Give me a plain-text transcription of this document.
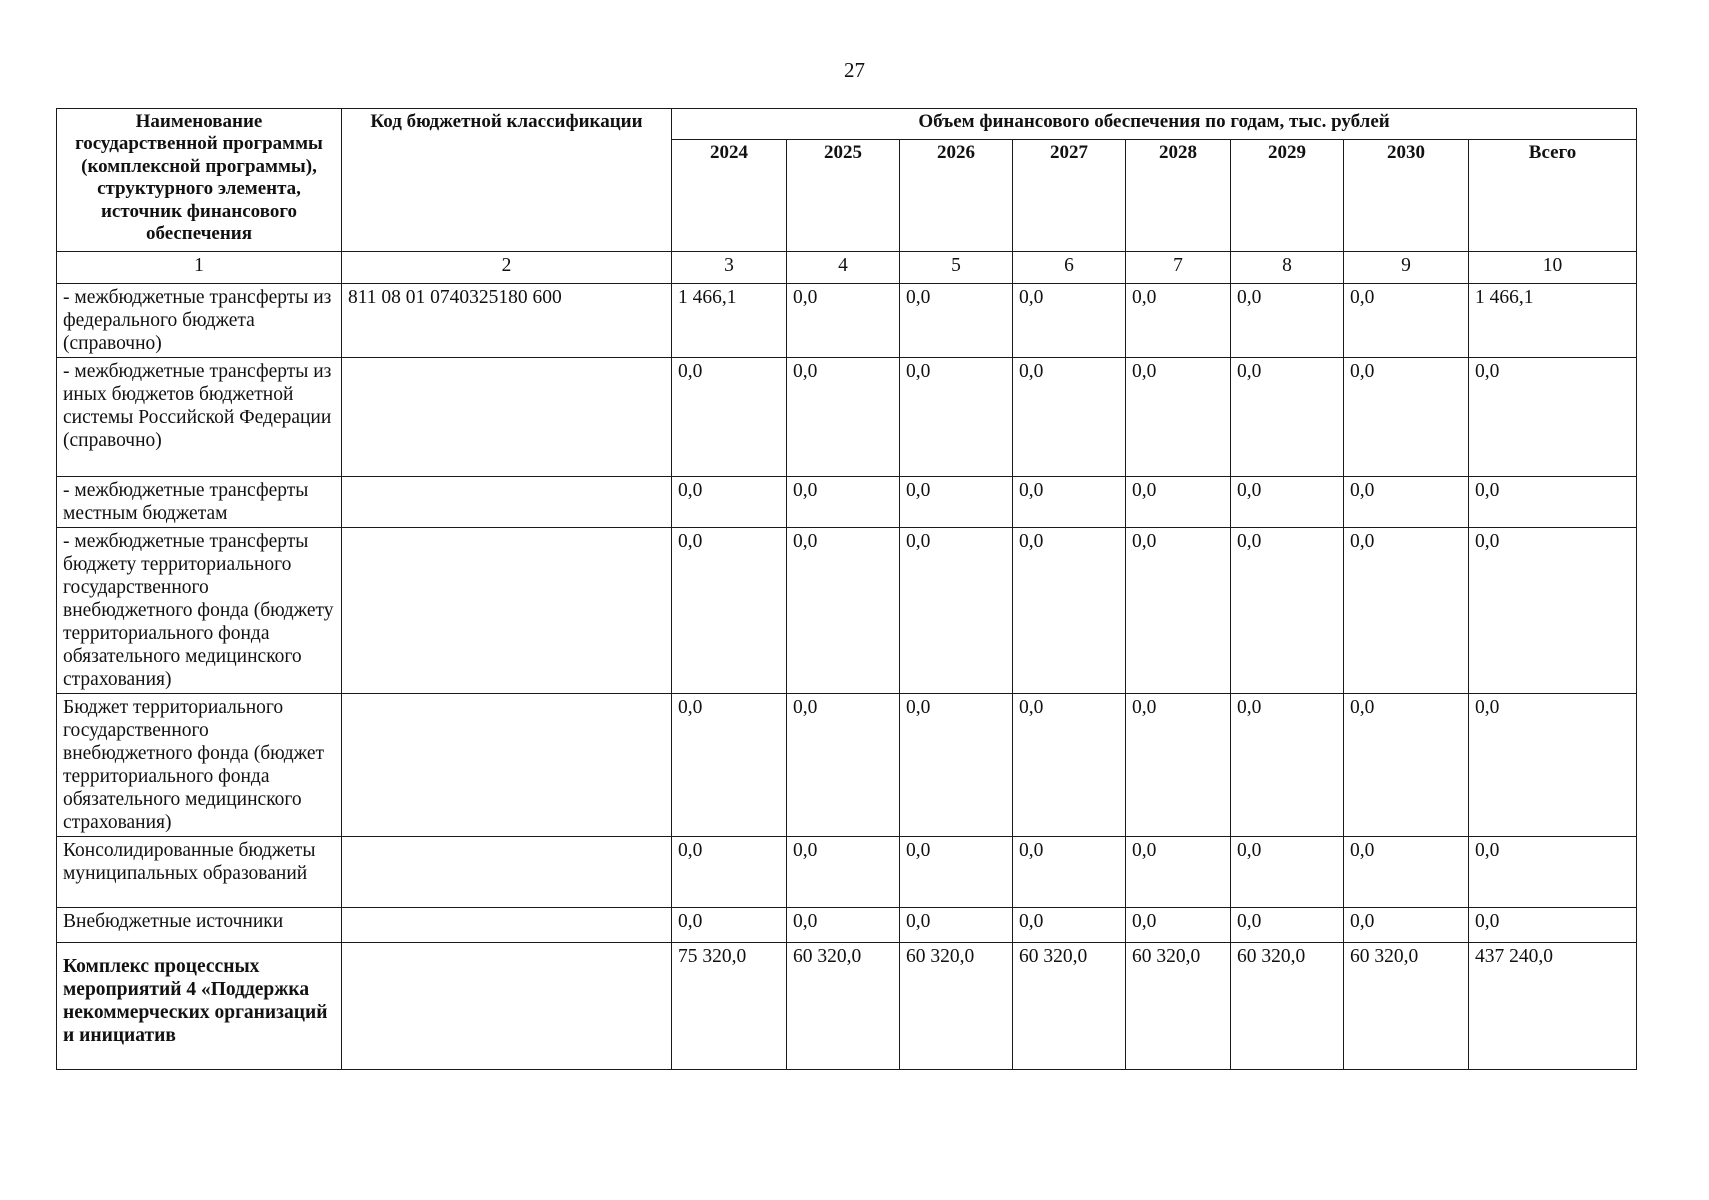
27
Наименование государственной программы (комплексной программы), структурного элемента, источник финансового обеспечения	Код бюджетной классификации	Объем финансового обеспечения по годам, тыс. рублей							
		2024	2025	2026	2027	2028	2029	2030	Всего
1	2	3	4	5	6	7	8	9	10
- межбюджетные трансферты из федерального бюджета (справочно)	811 08 01 0740325180 600	1 466,1	0,0	0,0	0,0	0,0	0,0	0,0	1 466,1
- межбюджетные трансферты из иных бюджетов бюджетной системы Российской Федерации (справочно)		0,0	0,0	0,0	0,0	0,0	0,0	0,0	0,0
- межбюджетные трансферты местным бюджетам		0,0	0,0	0,0	0,0	0,0	0,0	0,0	0,0
- межбюджетные трансферты бюджету территориального государственного внебюджетного фонда (бюджету территориального фонда обязательного медицинского страхования)		0,0	0,0	0,0	0,0	0,0	0,0	0,0	0,0
Бюджет территориального государственного внебюджетного фонда (бюджет территориального фонда обязательного медицинского страхования)		0,0	0,0	0,0	0,0	0,0	0,0	0,0	0,0
Консолидированные бюджеты муниципальных образований		0,0	0,0	0,0	0,0	0,0	0,0	0,0	0,0
Внебюджетные источники		0,0	0,0	0,0	0,0	0,0	0,0	0,0	0,0
Комплекс процессных мероприятий 4 «Поддержка некоммерческих организаций и инициатив		75 320,0	60 320,0	60 320,0	60 320,0	60 320,0	60 320,0	60 320,0	437 240,0
